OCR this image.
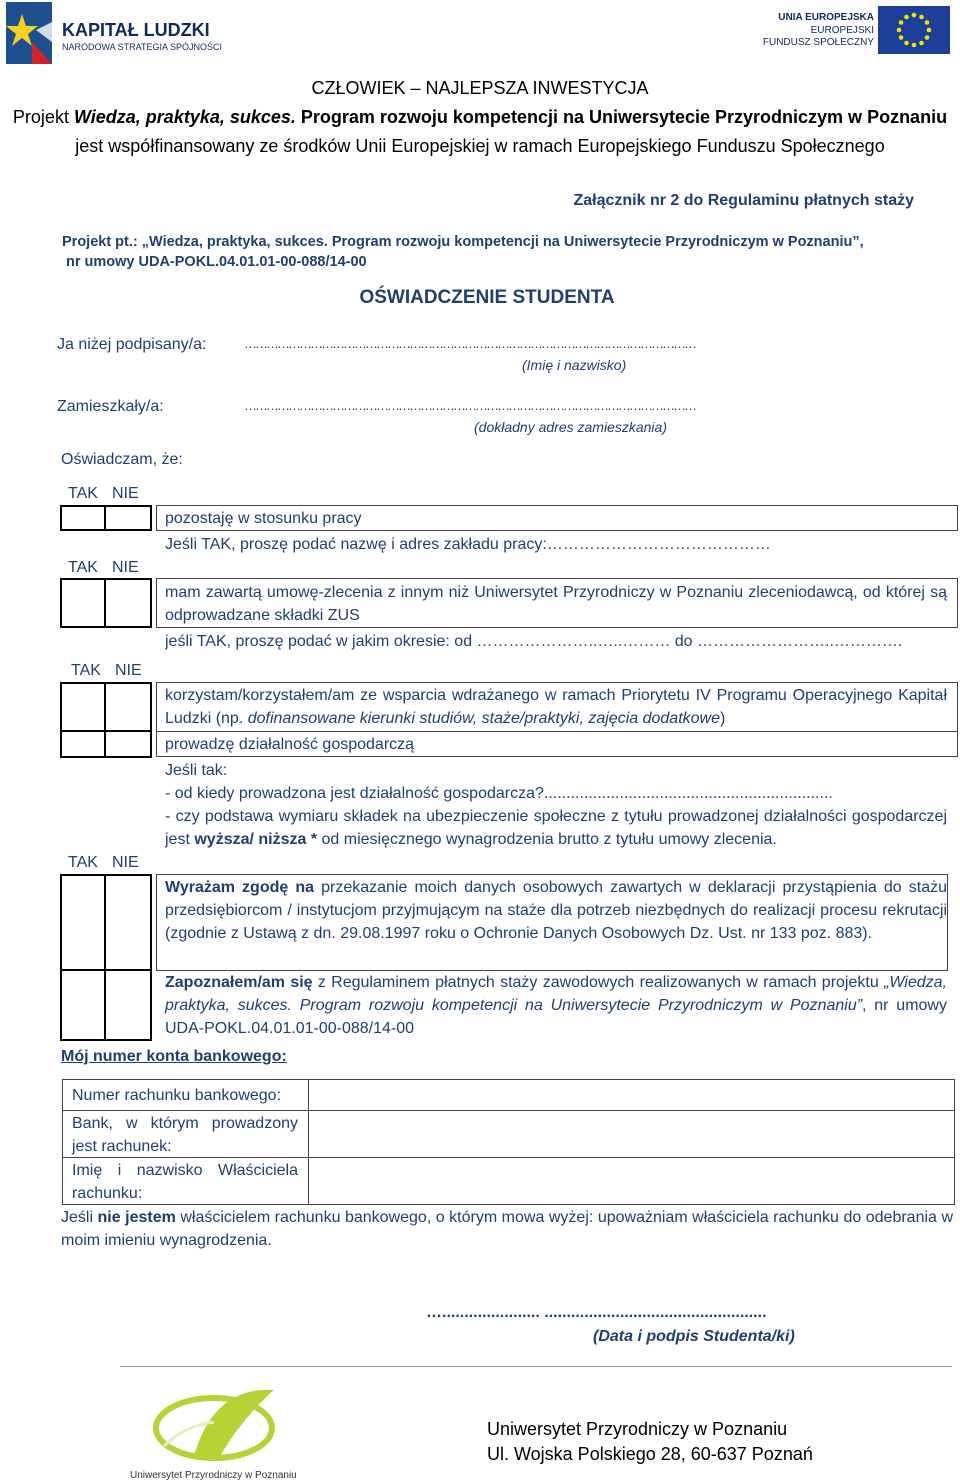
KAPITAŁ LUDZKI
NARODOWA STRATEGIA SPÓJNOŚCI
UNIA EUROPEJSKA
EUROPEJSKI
FUNDUSZ SPOŁECZNY
CZŁOWIEK – NAJLEPSZA INWESTYCJA
Projekt Wiedza, praktyka, sukces. Program rozwoju kompetencji na Uniwersytecie Przyrodniczym w Poznaniu
jest współfinansowany ze środków Unii Europejskiej w ramach Europejskiego Funduszu Społecznego
Załącznik nr 2 do Regulaminu płatnych staży
Projekt pt.: „Wiedza, praktyka, sukces. Program rozwoju kompetencji na Uniwersytecie Przyrodniczym w Poznaniu”,
nr umowy UDA-POKL.04.01.01-00-088/14-00
OŚWIADCZENIE STUDENTA
Ja niżej podpisany/a:	……………………………………………………………………………………………………………
(Imię i nazwisko)
Zamieszkały/a:	……………………………………………………………………………………………………………
(dokładny adres zamieszkania)
Oświadczam, że:
TAK NIE
TAK NIE
TAK NIE
TAK NIE
pozostaję w stosunku pracy
Jeśli TAK, proszę podać nazwę i adres zakładu pracy:……………………………………
mam zawartą umowę-zlecenia z innym niż Uniwersytet Przyrodniczy w Poznaniu zleceniodawcą, od której są odprowadzane składki ZUS
jeśli TAK, proszę podać w jakim okresie: od …………………..…..……… do ……………………..………….
korzystam/korzystałem/am ze wsparcia wdrażanego w ramach Priorytetu IV Programu Operacyjnego Kapitał Ludzki (np. dofinansowane kierunki studiów, staże/praktyki, zajęcia dodatkowe)
prowadzę działalność gospodarczą
Jeśli tak:
- od kiedy prowadzona jest działalność gospodarcza?.................................................................
- czy podstawa wymiaru składek na ubezpieczenie społeczne z tytułu prowadzonej działalności gospodarczej jest wyższa/ niższa * od miesięcznego wynagrodzenia brutto z tytułu umowy zlecenia.
Wyrażam zgodę na przekazanie moich danych osobowych zawartych w deklaracji przystąpienia do stażu przedsiębiorcom / instytucjom przyjmującym na staże dla potrzeb niezbędnych do realizacji procesu rekrutacji (zgodnie z Ustawą z dn. 29.08.1997 roku o Ochronie Danych Osobowych Dz. Ust. nr 133 poz. 883).
Zapoznałem/am się z Regulaminem płatnych staży zawodowych realizowanych w ramach projektu „Wiedza, praktyka, sukces. Program rozwoju kompetencji na Uniwersytecie Przyrodniczym w Poznaniu”, nr umowy UDA-POKL.04.01.01-00-088/14-00
Mój numer konta bankowego:
Numer rachunku bankowego:
Bank, w którym prowadzony jest rachunek:
Imię i nazwisko Właściciela rachunku:
Jeśli nie jestem właścicielem rachunku bankowego, o którym mowa wyżej: upoważniam właściciela rachunku do odebrania w moim imieniu wynagrodzenia.
…...................... ..................................................
(Data i podpis Studenta/ki)
Uniwersytet Przyrodniczy w Poznaniu
Uniwersytet Przyrodniczy w Poznaniu
Ul. Wojska Polskiego 28, 60-637 Poznań
